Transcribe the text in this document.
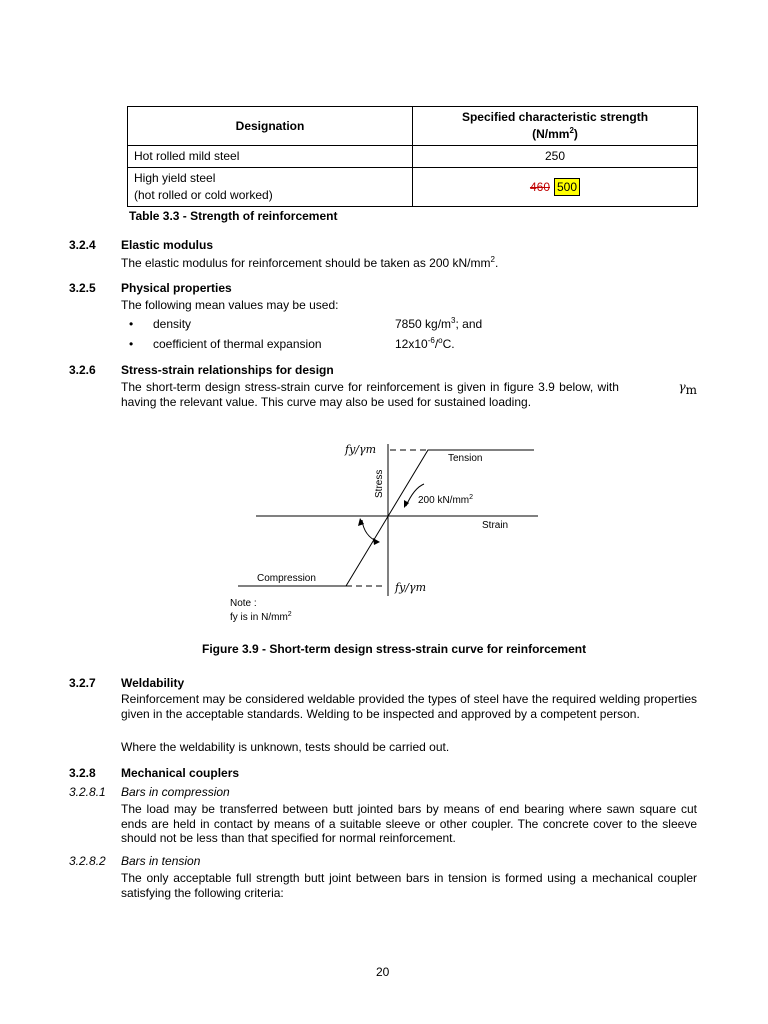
Designation	Specified characteristic strength
$(N/mm^2)$
Hot rolled mild steel	250
High yield steel
(hot rolled or cold worked)	460 500
Table 3.3 - Strength of reinforcement
3.2.4 Elastic modulus
The elastic modulus for reinforcement should be taken as 200 $kN/mm^2$.
3.2.5 Physical properties
The following mean values may be used:
• density	7850 $kg/m^3$; and
• coefficient of thermal expansion	$12x10^{-6}/^oC$.
3.2.6 Stress-strain relationships for design
The short-term design stress-strain curve for reinforcement is given in figure 3.9 below, with	γm
having the relevant value. This curve may also be used for sustained loading.
fy/γm
Tension
Stress
200 $kN/mm^2$
Strain
Compression
fy/γm
Note :
fy is in $N/mm^2$
Figure 3.9 - Short-term design stress-strain curve for reinforcement
3.2.7 Weldability
Reinforcement may be considered weldable provided the types of steel have the required welding properties given in the acceptable standards. Welding to be inspected and approved by a competent person.
Where the weldability is unknown, tests should be carried out.
3.2.8 Mechanical couplers
3.2.8.1 Bars in compression
The load may be transferred between butt jointed bars by means of end bearing where sawn square cut ends are held in contact by means of a suitable sleeve or other coupler. The concrete cover to the sleeve should not be less than that specified for normal reinforcement.
3.2.8.2 Bars in tension
The only acceptable full strength butt joint between bars in tension is formed using a mechanical coupler satisfying the following criteria:
20
